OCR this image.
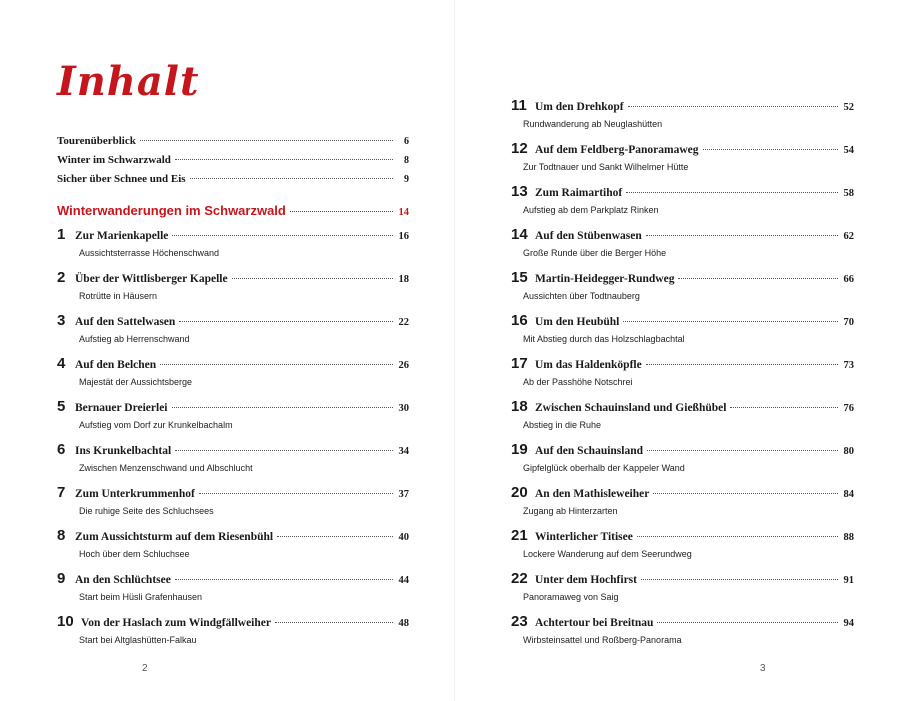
Inhalt
Tourenüberblick	6
Winter im Schwarzwald	8
Sicher über Schnee und Eis	9
Winterwanderungen im Schwarzwald	14
1 Zur Marienkapelle	16
Aussichtsterrasse Höchenschwand
2 Über der Wittlisberger Kapelle	18
Rotrütte in Häusern
3 Auf den Sattelwasen	22
Aufstieg ab Herrenschwand
4 Auf den Belchen	26
Majestät der Aussichtsberge
5 Bernauer Dreierlei	30
Aufstieg vom Dorf zur Krunkelbachalm
6 Ins Krunkelbachtal	34
Zwischen Menzenschwand und Albschlucht
7 Zum Unterkrummenhof	37
Die ruhige Seite des Schluchsees
8 Zum Aussichtsturm auf dem Riesenbühl	40
Hoch über dem Schluchsee
9 An den Schlüchtsee	44
Start beim Hüsli Grafenhausen
10 Von der Haslach zum Windgfällweiher	48
Start bei Altglashütten-Falkau
2
11 Um den Drehkopf	52
Rundwanderung ab Neuglashütten
12 Auf dem Feldberg-Panoramaweg	54
Zur Todtnauer und Sankt Wilhelmer Hütte
13 Zum Raimartihof	58
Aufstieg ab dem Parkplatz Rinken
14 Auf den Stübenwasen	62
Große Runde über die Berger Höhe
15 Martin-Heidegger-Rundweg	66
Aussichten über Todtnauberg
16 Um den Heubühl	70
Mit Abstieg durch das Holzschlagbachtal
17 Um das Haldenköpfle	73
Ab der Passhöhe Notschrei
18 Zwischen Schauinsland und Gießhübel	76
Abstieg in die Ruhe
19 Auf den Schauinsland	80
Gipfelglück oberhalb der Kappeler Wand
20 An den Mathisleweiher	84
Zugang ab Hinterzarten
21 Winterlicher Titisee	88
Lockere Wanderung auf dem Seerundweg
22 Unter dem Hochfirst	91
Panoramaweg von Saig
23 Achtertour bei Breitnau	94
Wirbsteinsattel und Roßberg-Panorama
3
